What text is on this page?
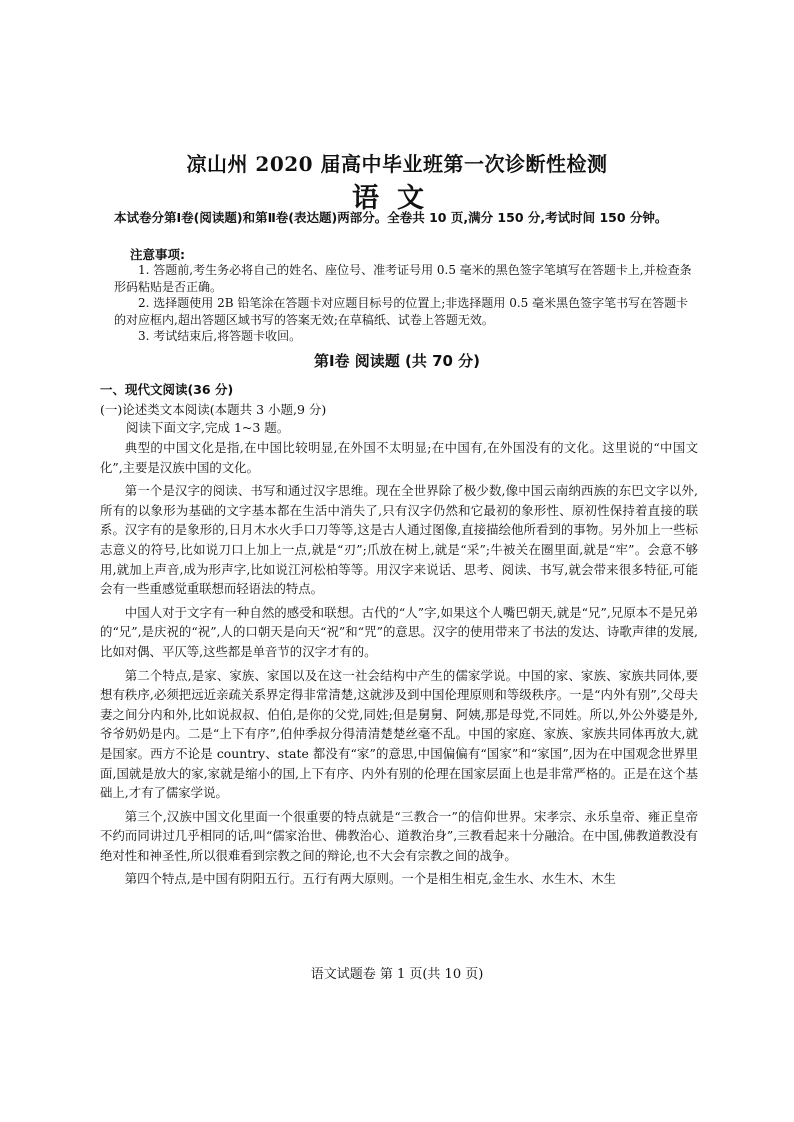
凉山州 2020 届高中毕业班第一次诊断性检测
语文
本试卷分第Ⅰ卷(阅读题)和第Ⅱ卷(表达题)两部分。全卷共 10 页,满分 150 分,考试时间 150 分钟。
注意事项:

1. 答题前,考生务必将自己的姓名、座位号、准考证号用 0.5 毫米的黑色签字笔填写在答题卡上,并检查条形码粘贴是否正确。

2. 选择题使用 2B 铅笔涂在答题卡对应题目标号的位置上;非选择题用 0.5 毫米黑色签字笔书写在答题卡的对应框内,超出答题区域书写的答案无效;在草稿纸、试卷上答题无效。

3. 考试结束后,将答题卡收回。

第Ⅰ卷 阅读题 (共 70 分)
一、现代文阅读(36 分)
(一)论述类文本阅读(本题共 3 小题,9 分)
阅读下面文字,完成 1~3 题。

典型的中国文化是指,在中国比较明显,在外国不太明显;在中国有,在外国没有的文化。这里说的“中国文化”,主要是汉族中国的文化。

第一个是汉字的阅读、书写和通过汉字思维。现在全世界除了极少数,像中国云南纳西族的东巴文字以外,所有的以象形为基础的文字基本都在生活中消失了,只有汉字仍然和它最初的象形性、原初性保持着直接的联系。汉字有的是象形的,日月木水火手口刀等等,这是古人通过图像,直接描绘他所看到的事物。另外加上一些标志意义的符号,比如说刀口上加上一点,就是“刃”;爪放在树上,就是“采”;牛被关在圈里面,就是“牢”。会意不够用,就加上声音,成为形声字,比如说江河松柏等等。用汉字来说话、思考、阅读、书写,就会带来很多特征,可能会有一些重感觉重联想而轻语法的特点。

中国人对于文字有一种自然的感受和联想。古代的“人”字,如果这个人嘴巴朝天,就是“兄”,兄原本不是兄弟的“兄”,是庆祝的“祝”,人的口朝天是向天“祝”和“咒”的意思。汉字的使用带来了书法的发达、诗歌声律的发展,比如对偶、平仄等,这些都是单音节的汉字才有的。

第二个特点,是家、家族、家国以及在这一社会结构中产生的儒家学说。中国的家、家族、家族共同体,要想有秩序,必须把远近亲疏关系界定得非常清楚,这就涉及到中国伦理原则和等级秩序。一是“内外有别”,父母夫妻之间分内和外,比如说叔叔、伯伯,是你的父党,同姓;但是舅舅、阿姨,那是母党,不同姓。所以,外公外婆是外,爷爷奶奶是内。二是“上下有序”,伯仲季叔分得清清楚楚丝毫不乱。中国的家庭、家族、家族共同体再放大,就是国家。西方不论是 country、state 都没有“家”的意思,中国偏偏有“国家”和“家国”,因为在中国观念世界里面,国就是放大的家,家就是缩小的国,上下有序、内外有别的伦理在国家层面上也是非常严格的。正是在这个基础上,才有了儒家学说。

第三个,汉族中国文化里面一个很重要的特点就是“三教合一”的信仰世界。宋孝宗、永乐皇帝、雍正皇帝不约而同讲过几乎相同的话,叫“儒家治世、佛教治心、道教治身”,三教看起来十分融洽。在中国,佛教道教没有绝对性和神圣性,所以很难看到宗教之间的辩论,也不大会有宗教之间的战争。

第四个特点,是中国有阴阳五行。五行有两大原则。一个是相生相克,金生水、水生木、木生

语文试题卷 第 1 页(共 10 页)
